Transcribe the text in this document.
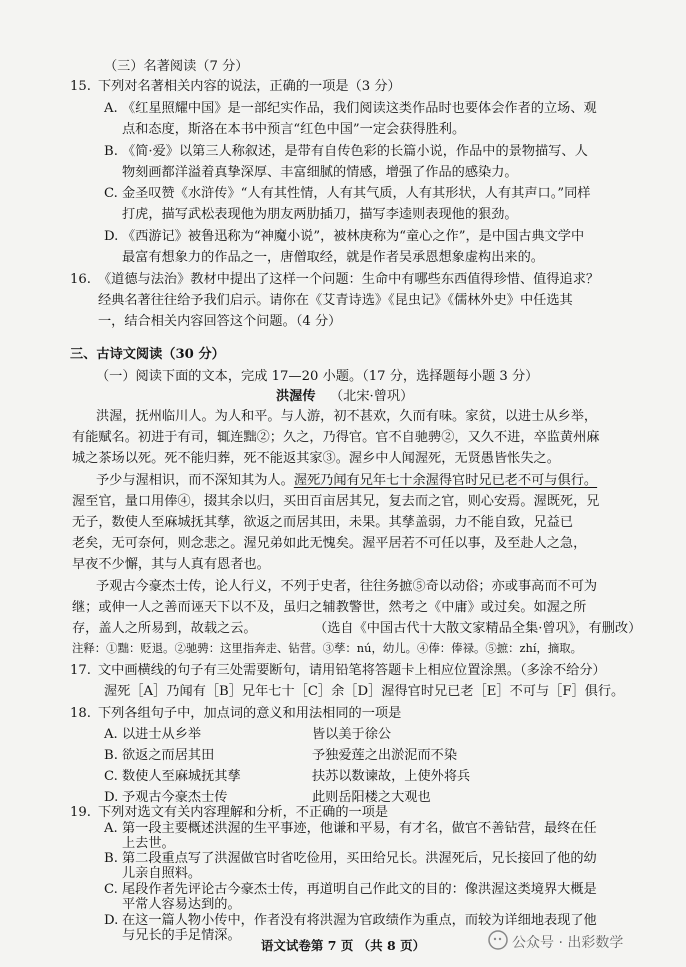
（三）名著阅读（7 分）
15. 下列对名著相关内容的说法，正确的一项是（3 分）
A. 《红星照耀中国》是一部纪实作品，我们阅读这类作品时也要体会作者的立场、观
点和态度，斯洛在本书中预言“红色中国”一定会获得胜利。
B. 《简·爱》以第三人称叙述，是带有自传色彩的长篇小说，作品中的景物描写、人
物刻画都洋溢着真挚深厚、丰富细腻的情感，增强了作品的感染力。
C. 金圣叹赞《水浒传》“人有其性情，人有其气质，人有其形状，人有其声口。”同样
打虎，描写武松表现他为朋友两肋插刀，描写李逵则表现他的狠劲。
D. 《西游记》被鲁迅称为“神魔小说”，被林庚称为“童心之作”，是中国古典文学中
最富有想象力的作品之一，唐僧取经，就是作者吴承恩想象虚构出来的。
16. 《道德与法治》教材中提出了这样一个问题：生命中有哪些东西值得珍惜、值得追求？
经典名著往往给予我们启示。请你在《艾青诗选》《昆虫记》《儒林外史》中任选其
一，结合相关内容回答这个问题。（4 分）
三、古诗文阅读（30 分）
（一）阅读下面的文本，完成 17—20 小题。（17 分，选择题每小题 3 分）
洪渥传 （北宋·曾巩）
洪渥，抚州临川人。为人和平。与人游，初不甚欢，久而有味。家贫，以进士从乡举，
有能赋名。初进于有司，辄连黜②；久之，乃得官。官不自驰骋②，又久不进，卒监黄州麻
城之茶场以死。死不能归葬，死不能返其家③。渥乡中人闻渥死，无贤愚皆怅失之。
予少与渥相识，而不深知其为人。渥死乃闻有兄年七十余渥得官时兄已老不可与俱行。
渥至官，量口用俸④，掇其余以归，买田百亩居其兄，复去而之官，则心安焉。渥既死，兄
无子，数使人至麻城抚其孳，欲返之而居其田，未果。其孳盖弱，力不能自致，兄益已
老矣，无可奈何，则念悲之。渥兄弟如此无愧矣。渥平居若不可任以事，及至赴人之急，
早夜不少懈，其与人真有恩者也。
予观古今豪杰士传，论人行义，不列于史者，往往务摭⑤奇以动俗；亦或事高而不可为
继；或伸一人之善而诬天下以不及，虽归之辅教警世，然考之《中庸》或过矣。如渥之所
存，盖人之所易到，故载之云。	（选自《中国古代十大散文家精品全集·曾巩》，有删改）
注释：①黜：贬退。②驰骋：这里指奔走、钻营。③孳：nú，幼儿。④俸：俸禄。⑤摭：zhí，摘取。
17. 文中画横线的句子有三处需要断句，请用铅笔将答题卡上相应位置涂黑。（多涂不给分）
渥死［A］乃闻有［B］兄年七十［C］余［D］渥得官时兄已老［E］不可与［F］俱行。
18. 下列各组句子中，加点词的意义和用法相同的一项是
A. 以进士从乡举	皆以美于徐公
B. 欲返之而居其田	予独爱莲之出淤泥而不染
C. 数使人至麻城抚其孳	扶苏以数谏故，上使外将兵
D. 予观古今豪杰士传	此则岳阳楼之大观也
19. 下列对选文有关内容理解和分析，不正确的一项是
A. 第一段主要概述洪渥的生平事迹，他谦和平易，有才名，做官不善钻营，最终在任
上去世。
B. 第二段重点写了洪渥做官时省吃俭用，买田给兄长。洪渥死后，兄长接回了他的幼
儿亲自照料。
语文试卷第 7 页 （共 8 页）	公众号 · 出彩数学
C. 尾段作者先评论古今豪杰士传，再道明自己作此文的目的：像洪渥这类境界大概是
平常人容易达到的。
D. 在这一篇人物小传中，作者没有将洪渥为官政绩作为重点，而较为详细地表现了他
与兄长的手足情深。
